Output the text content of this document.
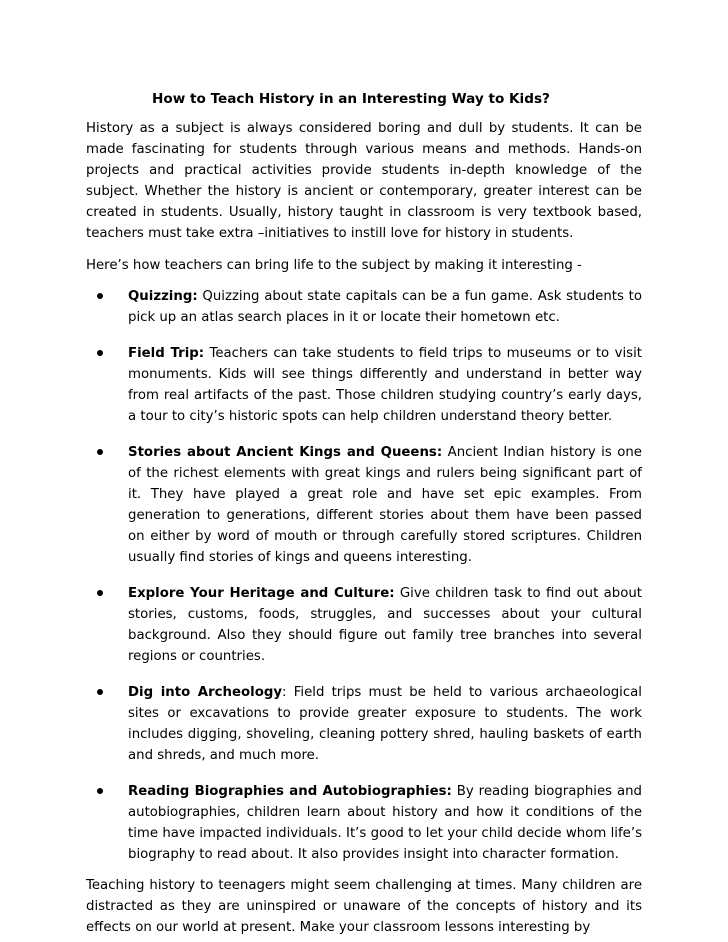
How to Teach History in an Interesting Way to Kids?

History as a subject is always considered boring and dull by students. It can be made fascinating for students through various means and methods. Hands-on projects and practical activities provide students in-depth knowledge of the subject. Whether the history is ancient or contemporary, greater interest can be created in students. Usually, history taught in classroom is very textbook based, teachers must take extra –initiatives to instill love for history in students.

Here’s how teachers can bring life to the subject by making it interesting -

Quizzing: Quizzing about state capitals can be a fun game. Ask students to pick up an atlas search places in it or locate their hometown etc.
Field Trip: Teachers can take students to field trips to museums or to visit monuments. Kids will see things differently and understand in better way from real artifacts of the past. Those children studying country’s early days, a tour to city’s historic spots can help children understand theory better.
Stories about Ancient Kings and Queens: Ancient Indian history is one of the richest elements with great kings and rulers being significant part of it. They have played a great role and have set epic examples. From generation to generations, different stories about them have been passed on either by word of mouth or through carefully stored scriptures. Children usually find stories of kings and queens interesting.
Explore Your Heritage and Culture: Give children task to find out about stories, customs, foods, struggles, and successes about your cultural background. Also they should figure out family tree branches into several regions or countries.
Dig into Archeology: Field trips must be held to various archaeological sites or excavations to provide greater exposure to students. The work includes digging, shoveling, cleaning pottery shred, hauling baskets of earth and shreds, and much more.
Reading Biographies and Autobiographies: By reading biographies and autobiographies, children learn about history and how it conditions of the time have impacted individuals. It’s good to let your child decide whom life’s biography to read about. It also provides insight into character formation.

Teaching history to teenagers might seem challenging at times. Many children are distracted as they are uninspired or unaware of the concepts of history and its effects on our world at present. Make your classroom lessons interesting by
